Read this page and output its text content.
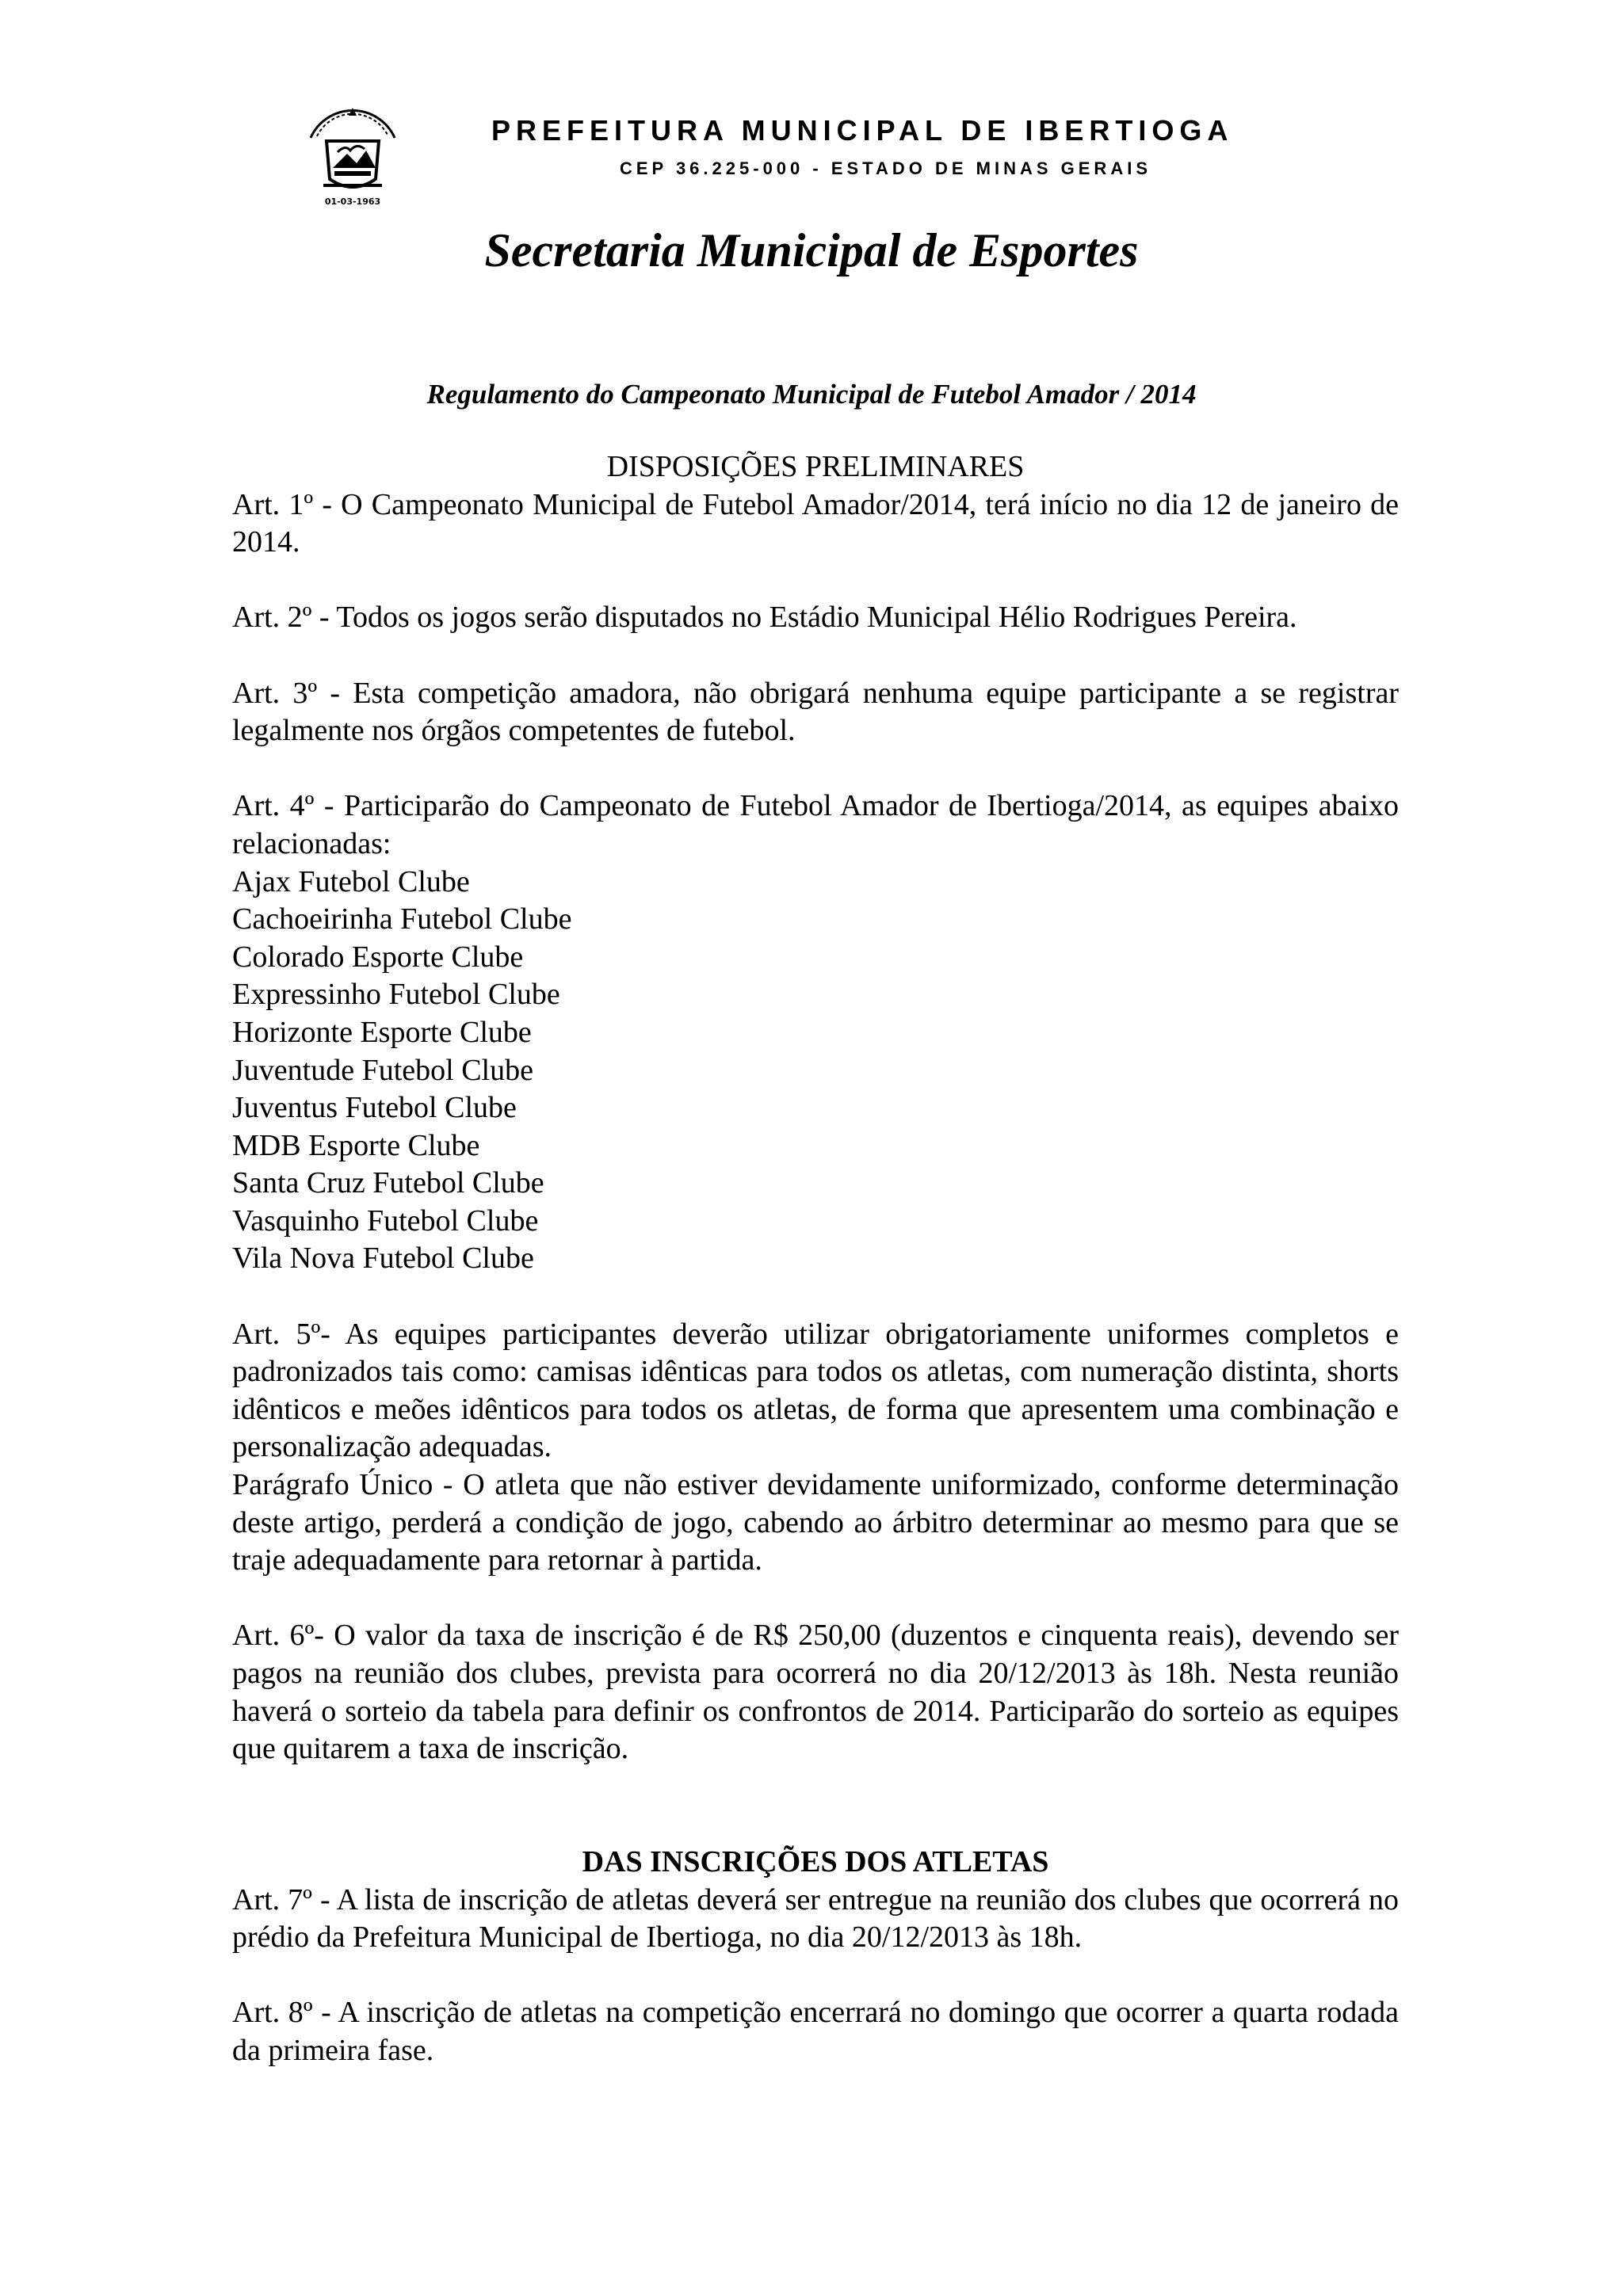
01-03-1963
PREFEITURA MUNICIPAL DE IBERTIOGA
CEP 36.225-000 - ESTADO DE MINAS GERAIS
Secretaria Municipal de Esportes
Regulamento do Campeonato Municipal de Futebol Amador / 2014
DISPOSIÇÕES PRELIMINARES

Art. 1º - O Campeonato Municipal de Futebol Amador/2014, terá início no dia 12 de janeiro de 2014.

Art. 2º - Todos os jogos serão disputados no Estádio Municipal Hélio Rodrigues Pereira.

Art. 3º - Esta competição amadora, não obrigará nenhuma equipe participante a se registrar legalmente nos órgãos competentes de futebol.

Art. 4º - Participarão do Campeonato de Futebol Amador de Ibertioga/2014, as equipes abaixo relacionadas:

Ajax Futebol Clube
Cachoeirinha Futebol Clube
Colorado Esporte Clube
Expressinho Futebol Clube
Horizonte Esporte Clube
Juventude Futebol Clube
Juventus Futebol Clube
MDB Esporte Clube
Santa Cruz Futebol Clube
Vasquinho Futebol Clube
Vila Nova Futebol Clube

Art. 5º- As equipes participantes deverão utilizar obrigatoriamente uniformes completos e padronizados tais como: camisas idênticas para todos os atletas, com numeração distinta, shorts idênticos e meões idênticos para todos os atletas, de forma que apresentem uma combinação e personalização adequadas.

Parágrafo Único - O atleta que não estiver devidamente uniformizado, conforme determinação deste artigo, perderá a condição de jogo, cabendo ao árbitro determinar ao mesmo para que se traje adequadamente para retornar à partida.

Art. 6º- O valor da taxa de inscrição é de R$ 250,00 (duzentos e cinquenta reais), devendo ser pagos na reunião dos clubes, prevista para ocorrerá no dia 20/12/2013 às 18h. Nesta reunião haverá o sorteio da tabela para definir os confrontos de 2014. Participarão do sorteio as equipes que quitarem a taxa de inscrição.

DAS INSCRIÇÕES DOS ATLETAS

Art. 7º - A lista de inscrição de atletas deverá ser entregue na reunião dos clubes que ocorrerá no prédio da Prefeitura Municipal de Ibertioga, no dia 20/12/2013 às 18h.

Art. 8º - A inscrição de atletas na competição encerrará no domingo que ocorrer a quarta rodada da primeira fase.
